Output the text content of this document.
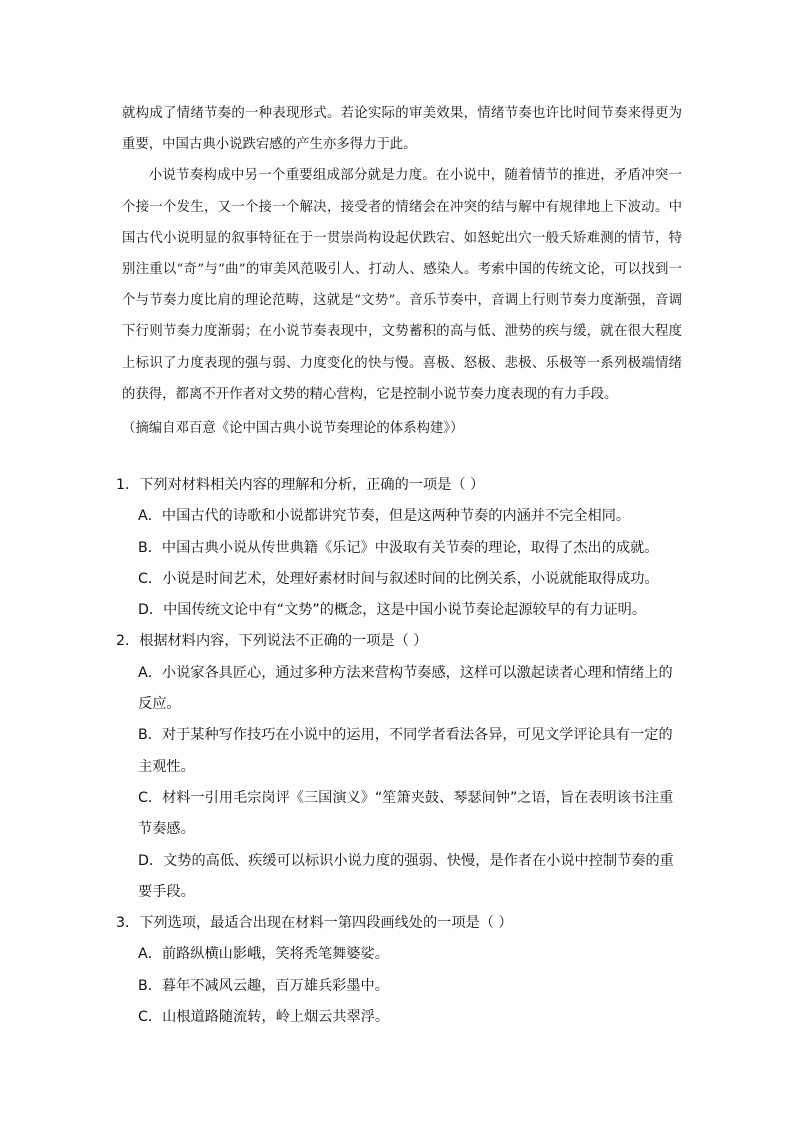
就构成了情绪节奏的一种表现形式。若论实际的审美效果，情绪节奏也许比时间节奏来得更为重要，中国古典小说跌宕感的产生亦多得力于此。

小说节奏构成中另一个重要组成部分就是力度。在小说中，随着情节的推进，矛盾冲突一个接一个发生，又一个接一个解决，接受者的情绪会在冲突的结与解中有规律地上下波动。中国古代小说明显的叙事特征在于一贯崇尚构设起伏跌宕、如怒蛇出穴一般夭矫难测的情节，特别注重以“奇”与“曲”的审美风范吸引人、打动人、感染人。考索中国的传统文论，可以找到一个与节奏力度比肩的理论范畴，这就是“文势”。音乐节奏中，音调上行则节奏力度渐强，音调下行则节奏力度渐弱；在小说节奏表现中，文势蓄积的高与低、泄势的疾与缓，就在很大程度上标识了力度表现的强与弱、力度变化的快与慢。喜极、怒极、悲极、乐极等一系列极端情绪的获得，都离不开作者对文势的精心营构，它是控制小说节奏力度表现的有力手段。

（摘编自邓百意《论中国古典小说节奏理论的体系构建》）

1．下列对材料相关内容的理解和分析，正确的一项是（ ）

A．中国古代的诗歌和小说都讲究节奏，但是这两种节奏的内涵并不完全相同。

B．中国古典小说从传世典籍《乐记》中汲取有关节奏的理论，取得了杰出的成就。

C．小说是时间艺术，处理好素材时间与叙述时间的比例关系，小说就能取得成功。

D．中国传统文论中有“文势”的概念，这是中国小说节奏论起源较早的有力证明。

2．根据材料内容，下列说法不正确的一项是（ ）

A．小说家各具匠心，通过多种方法来营构节奏感，这样可以激起读者心理和情绪上的反应。

B．对于某种写作技巧在小说中的运用，不同学者看法各异，可见文学评论具有一定的主观性。

C．材料一引用毛宗岗评《三国演义》“笙箫夹鼓、琴瑟间钟”之语，旨在表明该书注重节奏感。

D．文势的高低、疾缓可以标识小说力度的强弱、快慢，是作者在小说中控制节奏的重要手段。

3．下列选项，最适合出现在材料一第四段画线处的一项是（ ）

A．前路纵横山影峨，笑将秃笔舞婆娑。

B．暮年不减风云趣，百万雄兵彩墨中。

C．山根道路随流转，岭上烟云共翠浮。
